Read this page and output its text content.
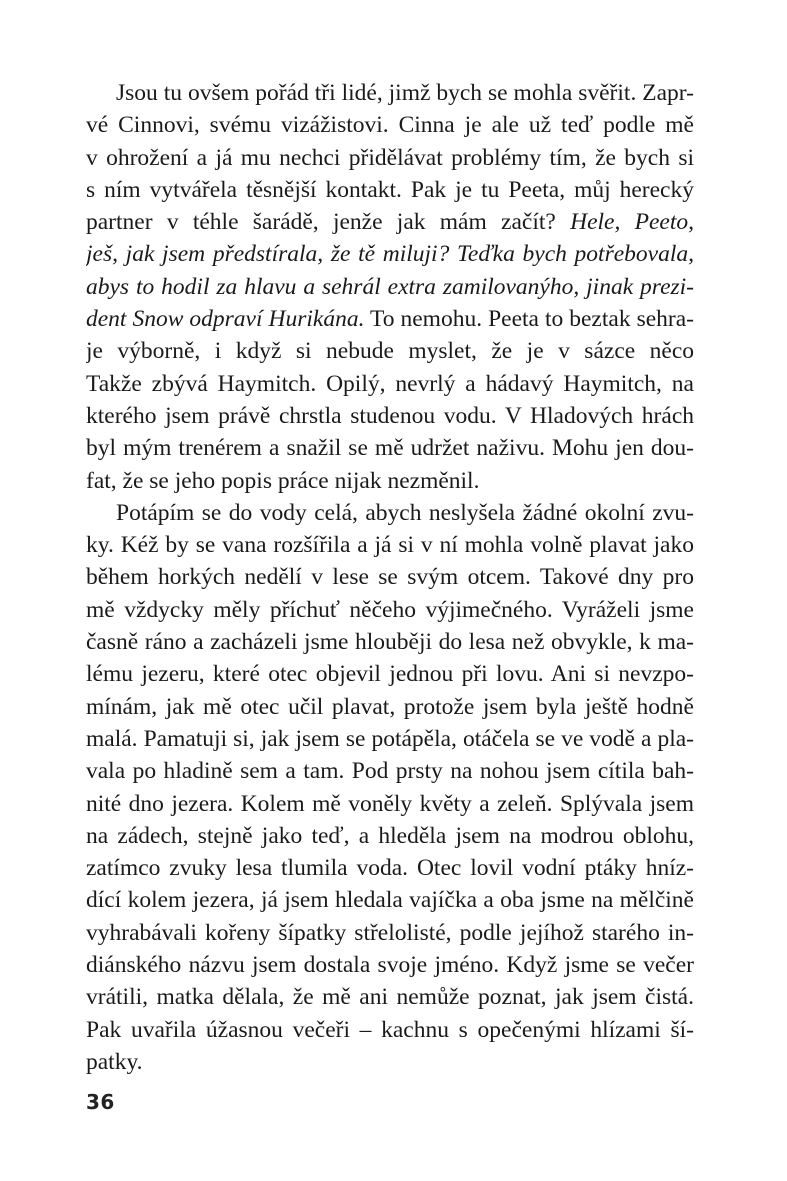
Jsou tu ovšem pořád tři lidé, jimž bych se mohla svěřit. Zapr-
vé Cinnovi, svému vizážistovi. Cinna je ale už teď podle mě
v ohrožení a já mu nechci přidělávat problémy tím, že bych si
s ním vytvářela těsnější kontakt. Pak je tu Peeta, můj herecký
partner v téhle šarádě, jenže jak mám začít? Hele, Peeto,
ješ, jak jsem předstírala, že tě miluji? Teďka bych potřebovala,
abys to hodil za hlavu a sehrál extra zamilovanýho, jinak prezi-
dent Snow odpraví Hurikána. To nemohu. Peeta to beztak sehra-
je výborně, i když si nebude myslet, že je v sázce něco
Takže zbývá Haymitch. Opilý, nevrlý a hádavý Haymitch, na
kterého jsem právě chrstla studenou vodu. V Hladových hrách
byl mým trenérem a snažil se mě udržet naživu. Mohu jen dou-
fat, že se jeho popis práce nijak nezměnil.
Potápím se do vody celá, abych neslyšela žádné okolní zvu-
ky. Kéž by se vana rozšířila a já si v ní mohla volně plavat jako
během horkých nedělí v lese se svým otcem. Takové dny pro
mě vždycky měly příchuť něčeho výjimečného. Vyráželi jsme
časně ráno a zacházeli jsme hlouběji do lesa než obvykle, k ma-
lému jezeru, které otec objevil jednou při lovu. Ani si nevzpo-
mínám, jak mě otec učil plavat, protože jsem byla ještě hodně
malá. Pamatuji si, jak jsem se potápěla, otáčela se ve vodě a pla-
vala po hladině sem a tam. Pod prsty na nohou jsem cítila bah-
nité dno jezera. Kolem mě voněly květy a zeleň. Splývala jsem
na zádech, stejně jako teď, a hleděla jsem na modrou oblohu,
zatímco zvuky lesa tlumila voda. Otec lovil vodní ptáky hníz-
dící kolem jezera, já jsem hledala vajíčka a oba jsme na mělčině
vyhrabávali kořeny šípatky střelolisté, podle jejíhož starého in-
diánského názvu jsem dostala svoje jméno. Když jsme se večer
vrátili, matka dělala, že mě ani nemůže poznat, jak jsem čistá.
Pak uvařila úžasnou večeři – kachnu s opečenými hlízami ší-
patky.
36
